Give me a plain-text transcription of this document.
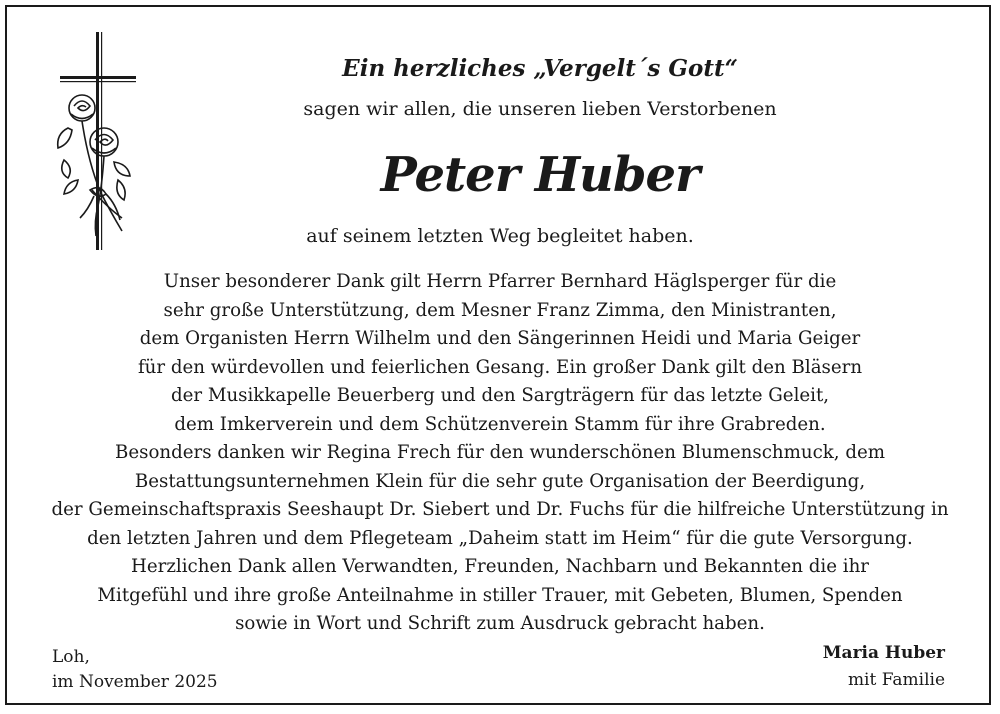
Ein herzliches „Vergelt´s Gott“
sagen wir allen, die unseren lieben Verstorbenen
Peter Huber
auf seinem letzten Weg begleitet haben.
Unser besonderer Dank gilt Herrn Pfarrer Bernhard Häglsperger für die
sehr große Unterstützung, dem Mesner Franz Zimma, den Ministranten,
dem Organisten Herrn Wilhelm und den Sängerinnen Heidi und Maria Geiger
für den würdevollen und feierlichen Gesang. Ein großer Dank gilt den Bläsern
der Musikkapelle Beuerberg und den Sargträgern für das letzte Geleit,
dem Imkerverein und dem Schützenverein Stamm für ihre Grabreden.
Besonders danken wir Regina Frech für den wunderschönen Blumenschmuck, dem
Bestattungsunternehmen Klein für die sehr gute Organisation der Beerdigung,
der Gemeinschaftspraxis Seeshaupt Dr. Siebert und Dr. Fuchs für die hilfreiche Unterstützung in
den letzten Jahren und dem Pflegeteam „Daheim statt im Heim“ für die gute Versorgung.
Herzlichen Dank allen Verwandten, Freunden, Nachbarn und Bekannten die ihr
Mitgefühl und ihre große Anteilnahme in stiller Trauer, mit Gebeten, Blumen, Spenden
sowie in Wort und Schrift zum Ausdruck gebracht haben.
Loh,
im November 2025
Maria Huber
mit Familie
